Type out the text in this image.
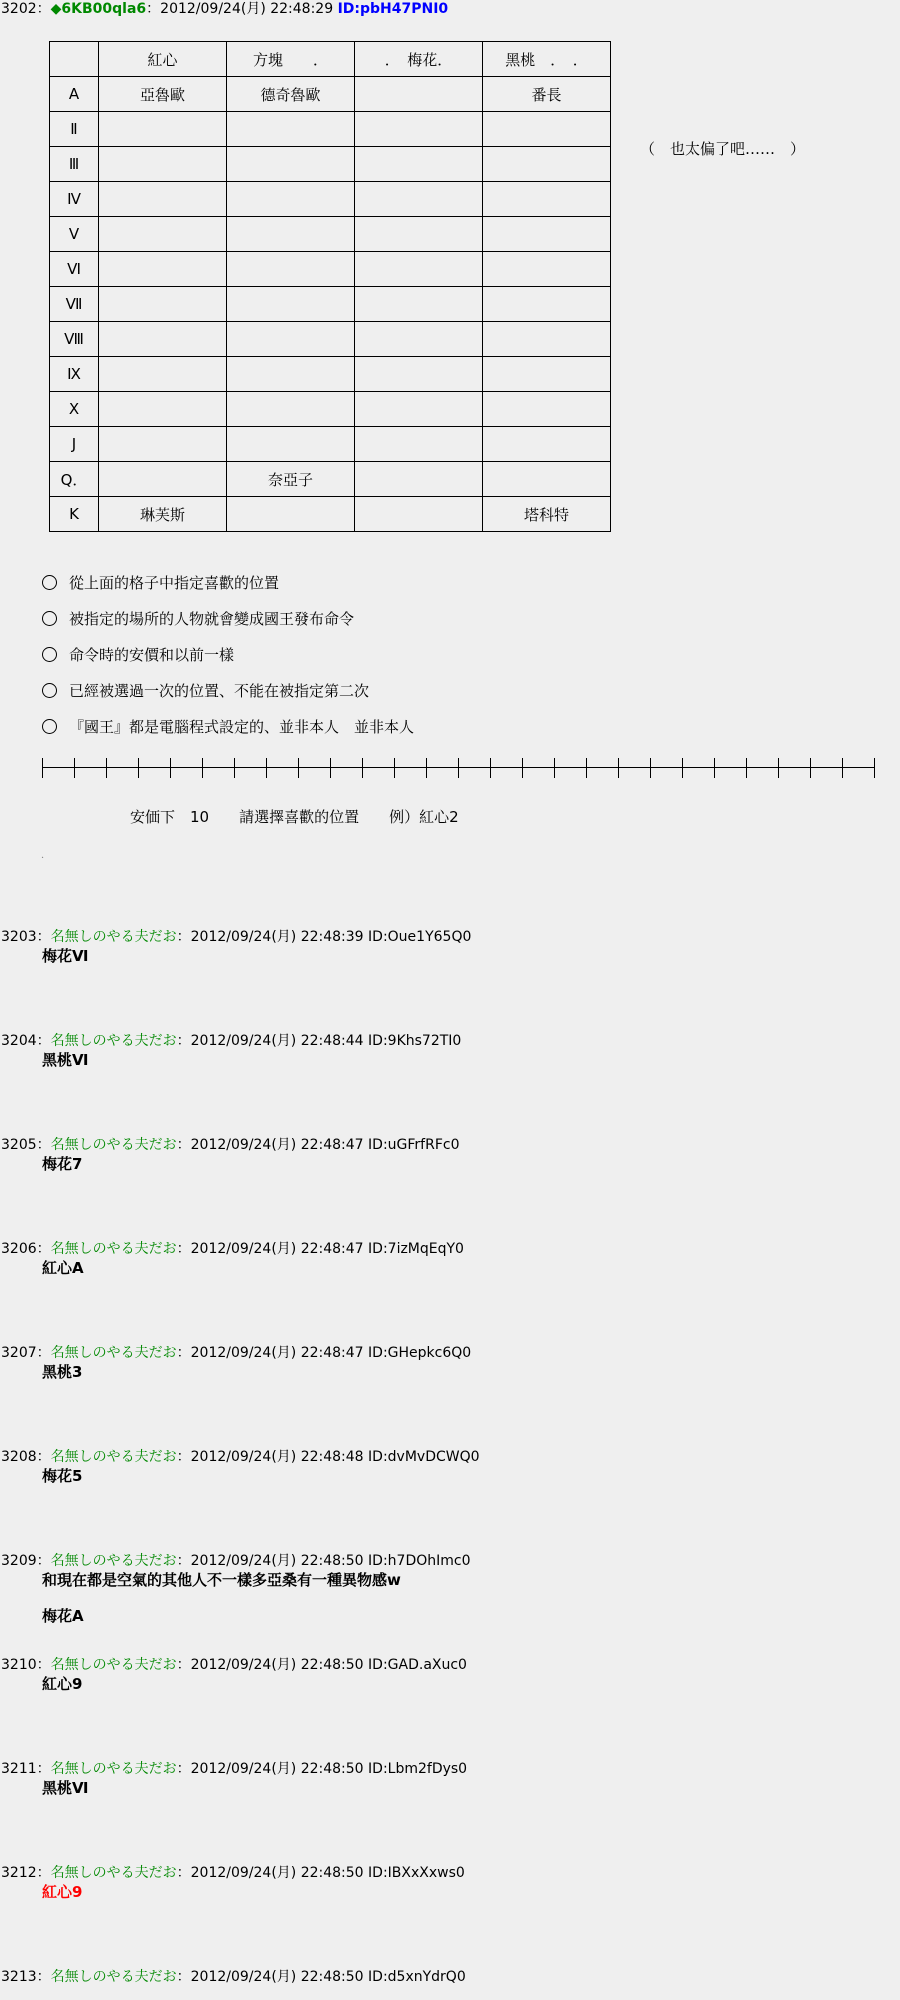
3202：◆6KB00qla6：2012/09/24(月) 22:48:29 ID:pbH47PNI0
	紅心	方塊　　．	．　梅花．	黑桃　．　．
A	亞魯歐	德奇魯歐		番長
Ⅱ				
Ⅲ				
Ⅳ				
Ⅴ				
Ⅵ				
Ⅶ				
Ⅷ				
Ⅸ				
Ⅹ				
J				
Q．		奈亞子		
K	琳芙斯			塔科特
（　也太偏了吧……　）
從上面的格子中指定喜歡的位置
被指定的場所的人物就會變成國王發布命令
命令時的安價和以前一樣
已經被選過一次的位置、不能在被指定第二次
『國王』都是電腦程式設定的、並非本人　並非本人
安価下　10　　請選擇喜歡的位置　　例）紅心2
．
3203：名無しのやる夫だお：2012/09/24(月) 22:48:39 ID:Oue1Y65Q0
梅花Ⅵ
3204：名無しのやる夫だお：2012/09/24(月) 22:48:44 ID:9Khs72TI0
黑桃Ⅵ
3205：名無しのやる夫だお：2012/09/24(月) 22:48:47 ID:uGFrfRFc0
梅花7
3206：名無しのやる夫だお：2012/09/24(月) 22:48:47 ID:7izMqEqY0
紅心A
3207：名無しのやる夫だお：2012/09/24(月) 22:48:47 ID:GHepkc6Q0
黑桃3
3208：名無しのやる夫だお：2012/09/24(月) 22:48:48 ID:dvMvDCWQ0
梅花5
3209：名無しのやる夫だお：2012/09/24(月) 22:48:50 ID:h7DOhImc0
和現在都是空氣的其他人不一樣多亞桑有一種異物感w
梅花A
3210：名無しのやる夫だお：2012/09/24(月) 22:48:50 ID:GAD.aXuc0
紅心9
3211：名無しのやる夫だお：2012/09/24(月) 22:48:50 ID:Lbm2fDys0
黑桃Ⅵ
3212：名無しのやる夫だお：2012/09/24(月) 22:48:50 ID:IBXxXxws0
紅心9
3213：名無しのやる夫だお：2012/09/24(月) 22:48:50 ID:d5xnYdrQ0
